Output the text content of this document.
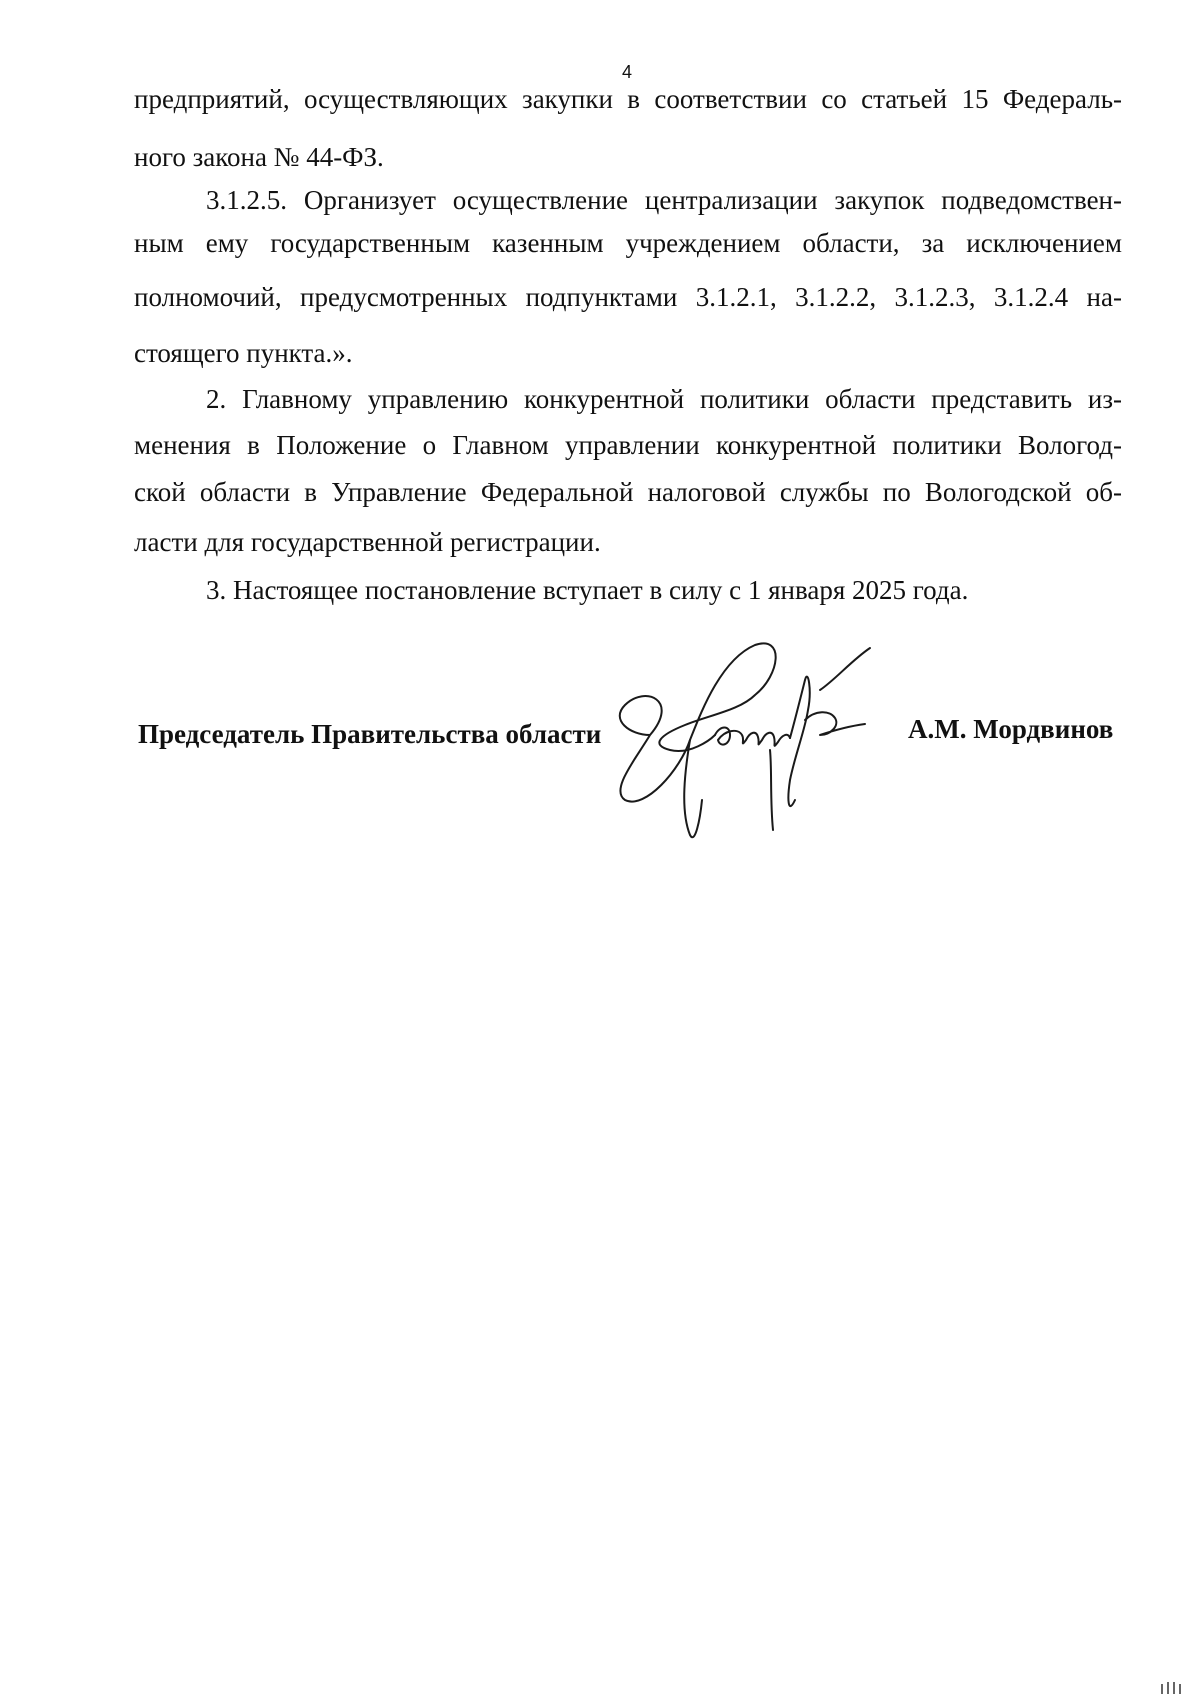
4
предприятий, осуществляющих закупки в соответствии со статьей 15 Федераль-
ного закона № 44-ФЗ.
3.1.2.5. Организует осуществление централизации закупок подведомствен-
ным ему государственным казенным учреждением области, за исключением
полномочий, предусмотренных подпунктами 3.1.2.1, 3.1.2.2, 3.1.2.3, 3.1.2.4 на-
стоящего пункта.».
2. Главному управлению конкурентной политики области представить из-
менения в Положение о Главном управлении конкурентной политики Вологод-
ской области в Управление Федеральной налоговой службы по Вологодской об-
ласти для государственной регистрации.
3. Настоящее постановление вступает в силу с 1 января 2025 года.
Председатель Правительства области	А.М. Мордвинов
